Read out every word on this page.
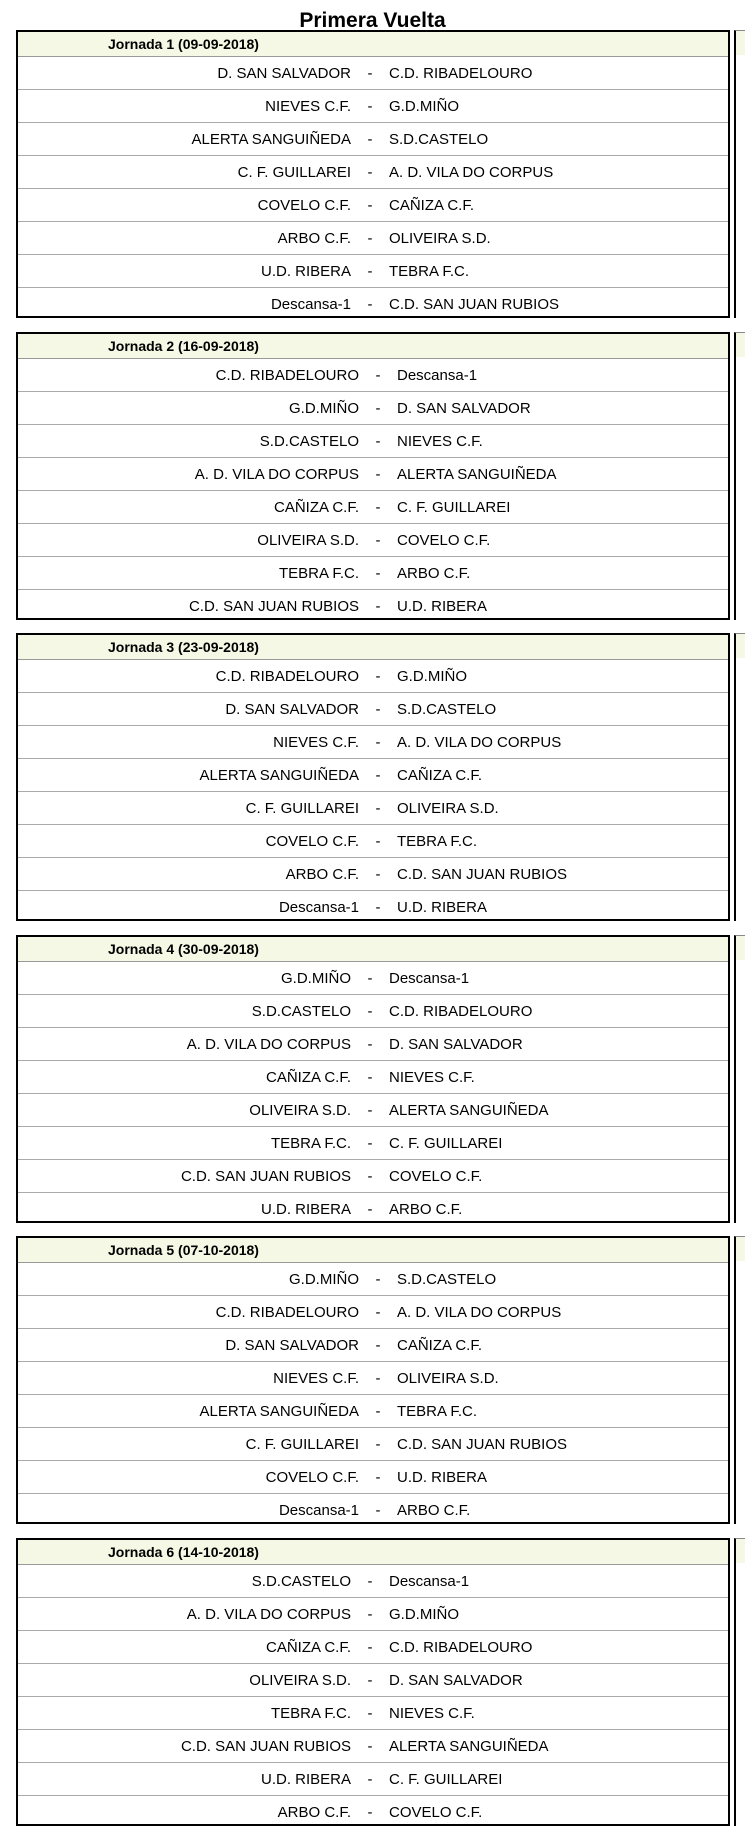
Primera Vuelta
Jornada 1 (09-09-2018)
D. SAN SALVADOR	-	C.D. RIBADELOURO
NIEVES C.F.	-	G.D.MIÑO
ALERTA SANGUIÑEDA	-	S.D.CASTELO
C. F. GUILLAREI	-	A. D. VILA DO CORPUS
COVELO C.F.	-	CAÑIZA C.F.
ARBO C.F.	-	OLIVEIRA S.D.
U.D. RIBERA	-	TEBRA F.C.
Descansa-1	-	C.D. SAN JUAN RUBIOS
Jornada 2 (16-09-2018)
C.D. RIBADELOURO	-	Descansa-1
G.D.MIÑO	-	D. SAN SALVADOR
S.D.CASTELO	-	NIEVES C.F.
A. D. VILA DO CORPUS	-	ALERTA SANGUIÑEDA
CAÑIZA C.F.	-	C. F. GUILLAREI
OLIVEIRA S.D.	-	COVELO C.F.
TEBRA F.C.	-	ARBO C.F.
C.D. SAN JUAN RUBIOS	-	U.D. RIBERA
Jornada 3 (23-09-2018)
C.D. RIBADELOURO	-	G.D.MIÑO
D. SAN SALVADOR	-	S.D.CASTELO
NIEVES C.F.	-	A. D. VILA DO CORPUS
ALERTA SANGUIÑEDA	-	CAÑIZA C.F.
C. F. GUILLAREI	-	OLIVEIRA S.D.
COVELO C.F.	-	TEBRA F.C.
ARBO C.F.	-	C.D. SAN JUAN RUBIOS
Descansa-1	-	U.D. RIBERA
Jornada 4 (30-09-2018)
G.D.MIÑO	-	Descansa-1
S.D.CASTELO	-	C.D. RIBADELOURO
A. D. VILA DO CORPUS	-	D. SAN SALVADOR
CAÑIZA C.F.	-	NIEVES C.F.
OLIVEIRA S.D.	-	ALERTA SANGUIÑEDA
TEBRA F.C.	-	C. F. GUILLAREI
C.D. SAN JUAN RUBIOS	-	COVELO C.F.
U.D. RIBERA	-	ARBO C.F.
Jornada 5 (07-10-2018)
G.D.MIÑO	-	S.D.CASTELO
C.D. RIBADELOURO	-	A. D. VILA DO CORPUS
D. SAN SALVADOR	-	CAÑIZA C.F.
NIEVES C.F.	-	OLIVEIRA S.D.
ALERTA SANGUIÑEDA	-	TEBRA F.C.
C. F. GUILLAREI	-	C.D. SAN JUAN RUBIOS
COVELO C.F.	-	U.D. RIBERA
Descansa-1	-	ARBO C.F.
Jornada 6 (14-10-2018)
S.D.CASTELO	-	Descansa-1
A. D. VILA DO CORPUS	-	G.D.MIÑO
CAÑIZA C.F.	-	C.D. RIBADELOURO
OLIVEIRA S.D.	-	D. SAN SALVADOR
TEBRA F.C.	-	NIEVES C.F.
C.D. SAN JUAN RUBIOS	-	ALERTA SANGUIÑEDA
U.D. RIBERA	-	C. F. GUILLAREI
ARBO C.F.	-	COVELO C.F.
